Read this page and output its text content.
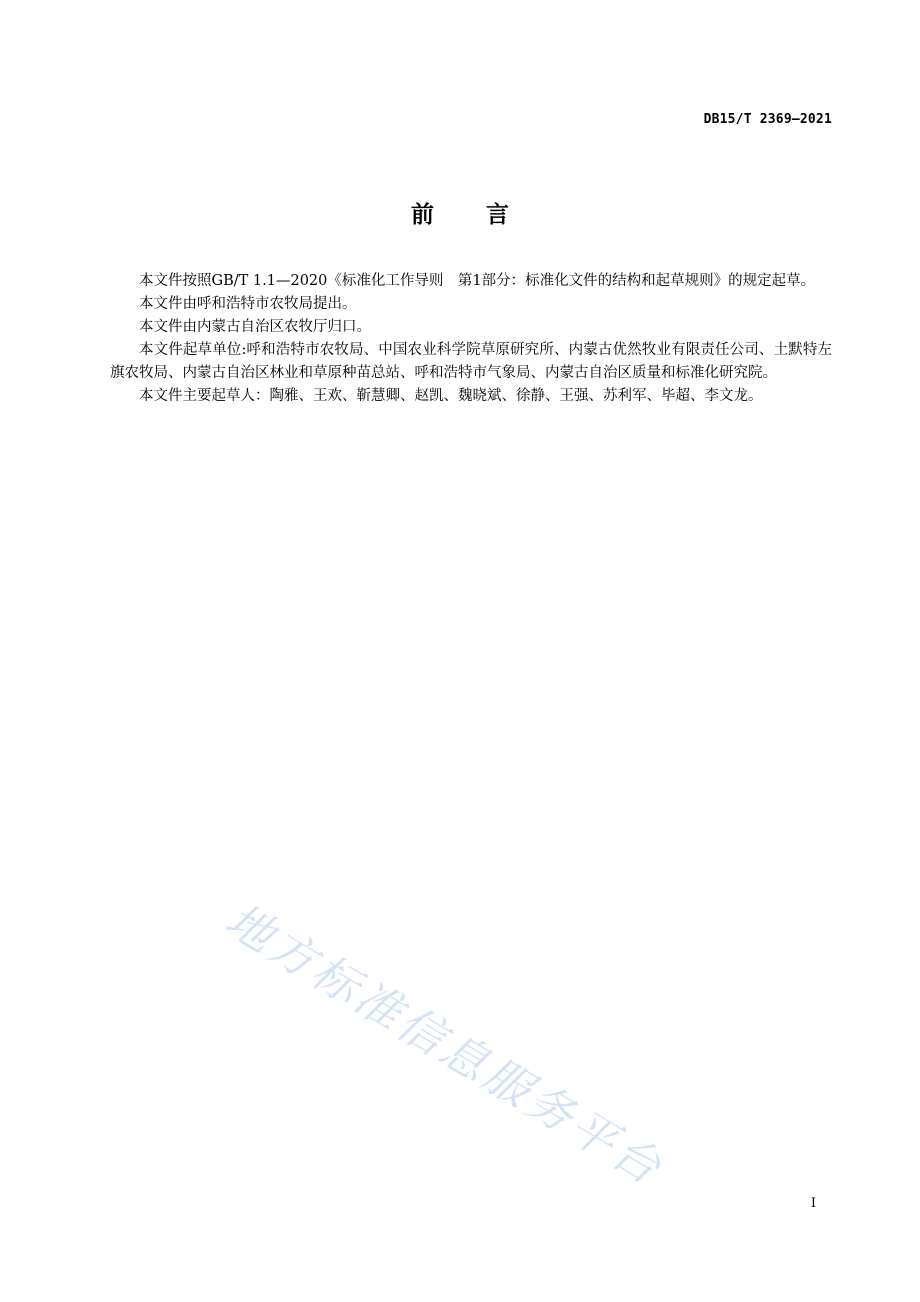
DB15/T 2369—2021
前言

本文件按照GB/T 1.1—2020《标准化工作导则　第1部分：标准化文件的结构和起草规则》的规定起草。

本文件由呼和浩特市农牧局提出。

本文件由内蒙古自治区农牧厅归口。

本文件起草单位:呼和浩特市农牧局、中国农业科学院草原研究所、内蒙古优然牧业有限责任公司、土默特左旗农牧局、内蒙古自治区林业和草原种苗总站、呼和浩特市气象局、内蒙古自治区质量和标准化研究院。

本文件主要起草人：陶雅、王欢、靳慧卿、赵凯、魏晓斌、徐静、王强、苏利军、毕超、李文龙。

地方标准信息服务平台
I
